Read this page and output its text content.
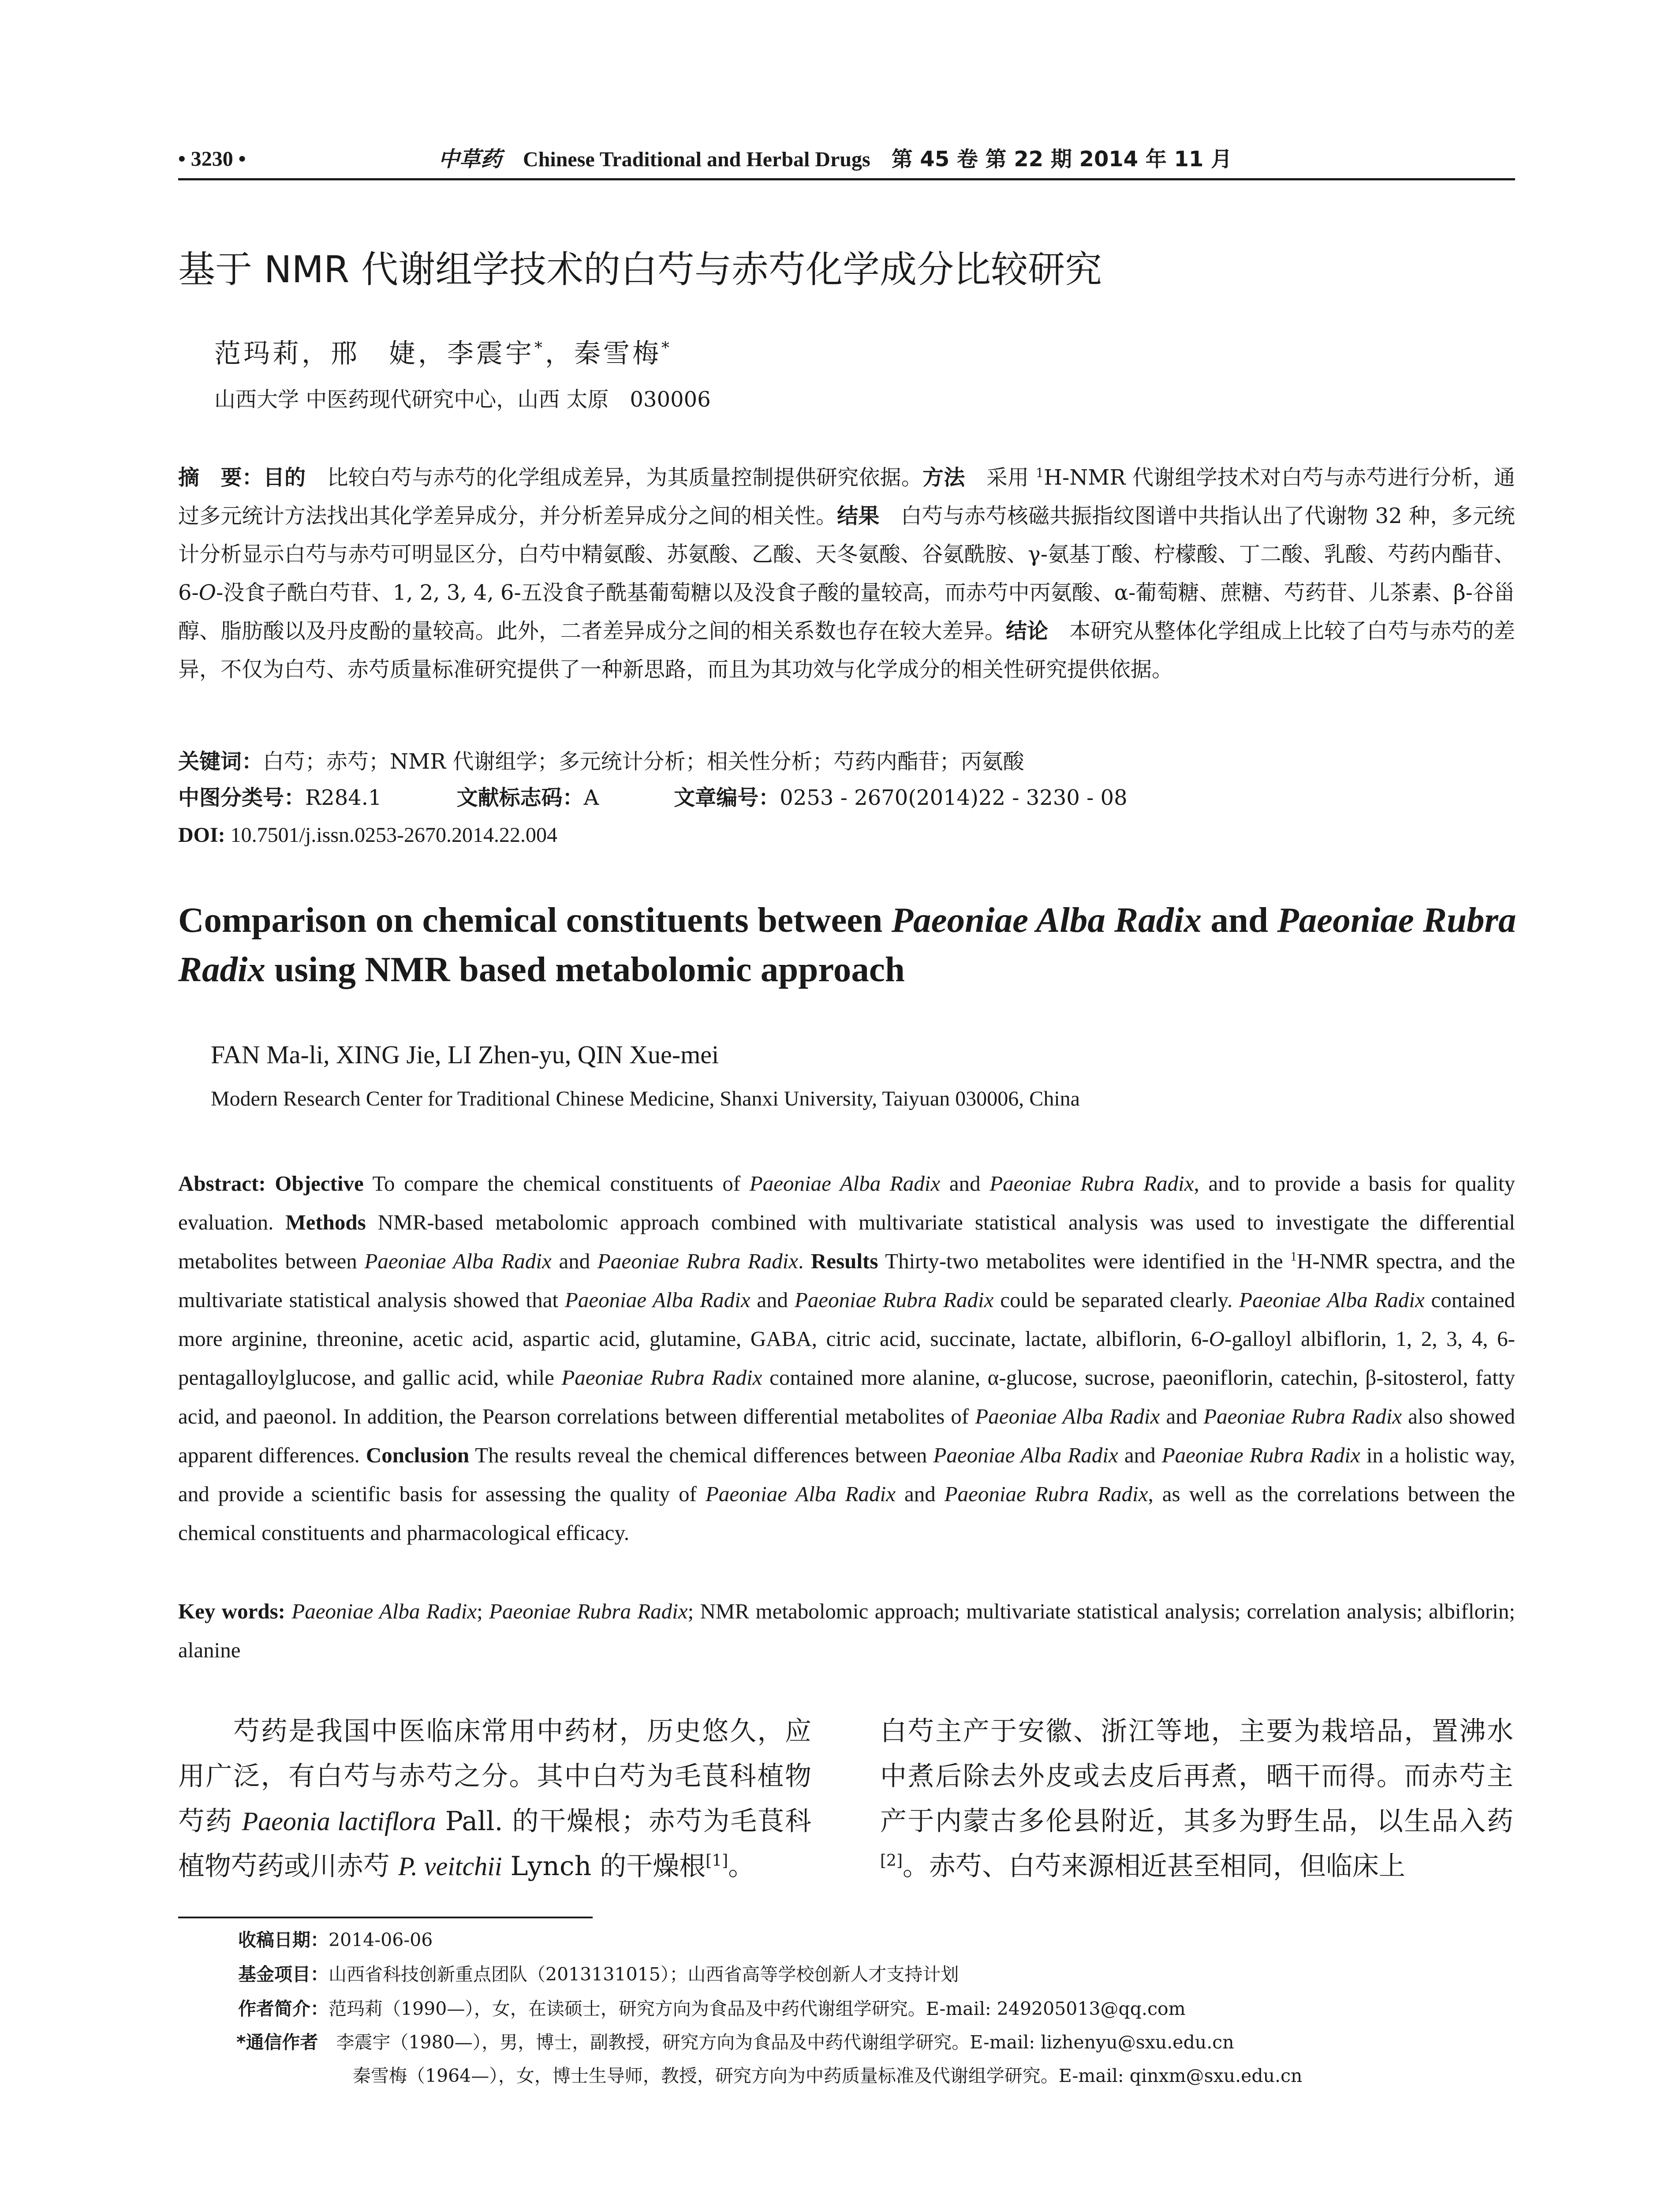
• 3230 •	中草药　 Chinese Traditional and Herbal Drugs　 第 45 卷 第 22 期 2014 年 11 月
基于 NMR 代谢组学技术的白芍与赤芍化学成分比较研究
范玛莉，邢　婕，李震宇*，秦雪梅*
山西大学 中医药现代研究中心，山西 太原　030006
摘　要：目的　比较白芍与赤芍的化学组成差异，为其质量控制提供研究依据。方法　采用 $^1$H-NMR 代谢组学技术对白芍与赤芍进行分析，通过多元统计方法找出其化学差异成分，并分析差异成分之间的相关性。结果　白芍与赤芍核磁共振指纹图谱中共指认出了代谢物 32 种，多元统计分析显示白芍与赤芍可明显区分，白芍中精氨酸、苏氨酸、乙酸、天冬氨酸、谷氨酰胺、γ-氨基丁酸、柠檬酸、丁二酸、乳酸、芍药内酯苷、6-O-没食子酰白芍苷、1, 2, 3, 4, 6-五没食子酰基葡萄糖以及没食子酸的量较高，而赤芍中丙氨酸、α-葡萄糖、蔗糖、芍药苷、儿茶素、β-谷甾醇、脂肪酸以及丹皮酚的量较高。此外，二者差异成分之间的相关系数也存在较大差异。结论　本研究从整体化学组成上比较了白芍与赤芍的差异，不仅为白芍、赤芍质量标准研究提供了一种新思路，而且为其功效与化学成分的相关性研究提供依据。
关键词：白芍；赤芍；NMR 代谢组学；多元统计分析；相关性分析；芍药内酯苷；丙氨酸
中图分类号：R284.1	文献标志码：A	文章编号：0253 - 2670(2014)22 - 3230 - 08
DOI: 10.7501/j.issn.0253-2670.2014.22.004
Comparison on chemical constituents between Paeoniae Alba Radix and Paeoniae Rubra Radix using NMR based metabolomic approach
FAN Ma-li, XING Jie, LI Zhen-yu, QIN Xue-mei
Modern Research Center for Traditional Chinese Medicine, Shanxi University, Taiyuan 030006, China
Abstract: Objective To compare the chemical constituents of Paeoniae Alba Radix and Paeoniae Rubra Radix, and to provide a basis for quality evaluation. Methods NMR-based metabolomic approach combined with multivariate statistical analysis was used to investigate the differential metabolites between Paeoniae Alba Radix and Paeoniae Rubra Radix. Results Thirty-two metabolites were identified in the $^1$H-NMR spectra, and the multivariate statistical analysis showed that Paeoniae Alba Radix and Paeoniae Rubra Radix could be separated clearly. Paeoniae Alba Radix contained more arginine, threonine, acetic acid, aspartic acid, glutamine, GABA, citric acid, succinate, lactate, albiflorin, 6-O-galloyl albiflorin, 1, 2, 3, 4, 6-pentagalloylglucose, and gallic acid, while Paeoniae Rubra Radix contained more alanine, α-glucose, sucrose, paeoniflorin, catechin, β-sitosterol, fatty acid, and paeonol. In addition, the Pearson correlations between differential metabolites of Paeoniae Alba Radix and Paeoniae Rubra Radix also showed apparent differences. Conclusion The results reveal the chemical differences between Paeoniae Alba Radix and Paeoniae Rubra Radix in a holistic way, and provide a scientific basis for assessing the quality of Paeoniae Alba Radix and Paeoniae Rubra Radix, as well as the correlations between the chemical constituents and pharmacological efficacy.
Key words: Paeoniae Alba Radix; Paeoniae Rubra Radix; NMR metabolomic approach; multivariate statistical analysis; correlation analysis; albiflorin; alanine
　　芍药是我国中医临床常用中药材，历史悠久，应用广泛，有白芍与赤芍之分。其中白芍为毛茛科植物芍药 Paeonia lactiflora Pall. 的干燥根；赤芍为毛茛科植物芍药或川赤芍 P. veitchii Lynch 的干燥根[1]。
白芍主产于安徽、浙江等地，主要为栽培品，置沸水中煮后除去外皮或去皮后再煮，晒干而得。而赤芍主产于内蒙古多伦县附近，其多为野生品，以生品入药[2]。赤芍、白芍来源相近甚至相同，但临床上
收稿日期：2014-06-06
基金项目：山西省科技创新重点团队（2013131015）；山西省高等学校创新人才支持计划
作者简介：范玛莉（1990—），女，在读硕士，研究方向为食品及中药代谢组学研究。E-mail: 249205013@qq.com
*通信作者　 李震宇（1980—），男，博士，副教授，研究方向为食品及中药代谢组学研究。E-mail: lizhenyu@sxu.edu.cn
秦雪梅（1964—），女，博士生导师，教授，研究方向为中药质量标准及代谢组学研究。E-mail: qinxm@sxu.edu.cn
